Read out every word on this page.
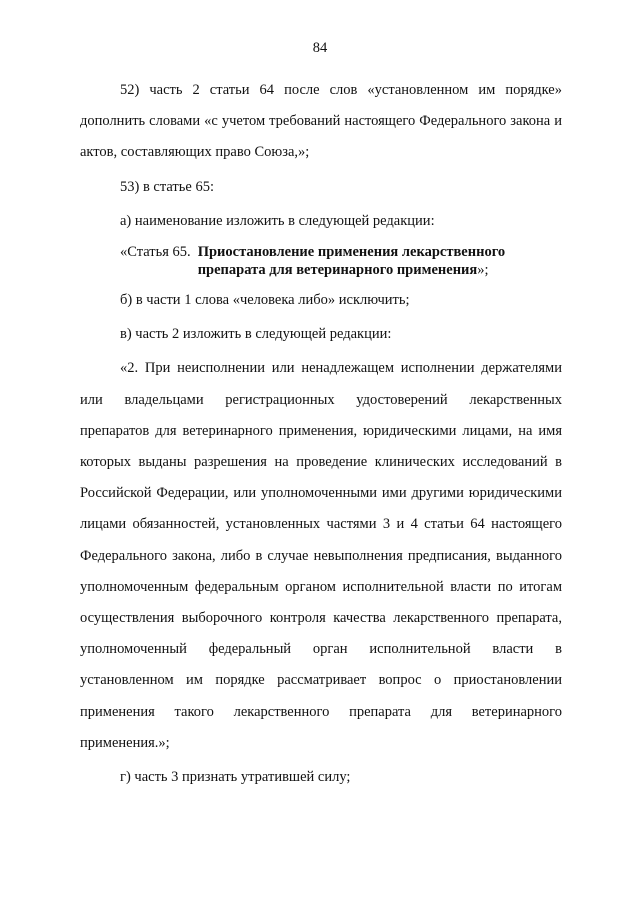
84

52) часть 2 статьи 64 после слов «установленном им порядке» дополнить словами «с учетом требований настоящего Федерального закона и актов, составляющих право Союза,»;

53) в статье 65:

а) наименование изложить в следующей редакции:

«Статья 65. Приостановление применения лекарственного препарата для ветеринарного применения»;

б) в части 1 слова «человека либо» исключить;

в) часть 2 изложить в следующей редакции:

«2. При неисполнении или ненадлежащем исполнении держателями или владельцами регистрационных удостоверений лекарственных препаратов для ветеринарного применения, юридическими лицами, на имя которых выданы разрешения на проведение клинических исследований в Российской Федерации, или уполномоченными ими другими юридическими лицами обязанностей, установленных частями 3 и 4 статьи 64 настоящего Федерального закона, либо в случае невыполнения предписания, выданного уполномоченным федеральным органом исполнительной власти по итогам осуществления выборочного контроля качества лекарственного препарата, уполномоченный федеральный орган исполнительной власти в установленном им порядке рассматривает вопрос о приостановлении применения такого лекарственного препарата для ветеринарного применения.»;

г) часть 3 признать утратившей силу;
